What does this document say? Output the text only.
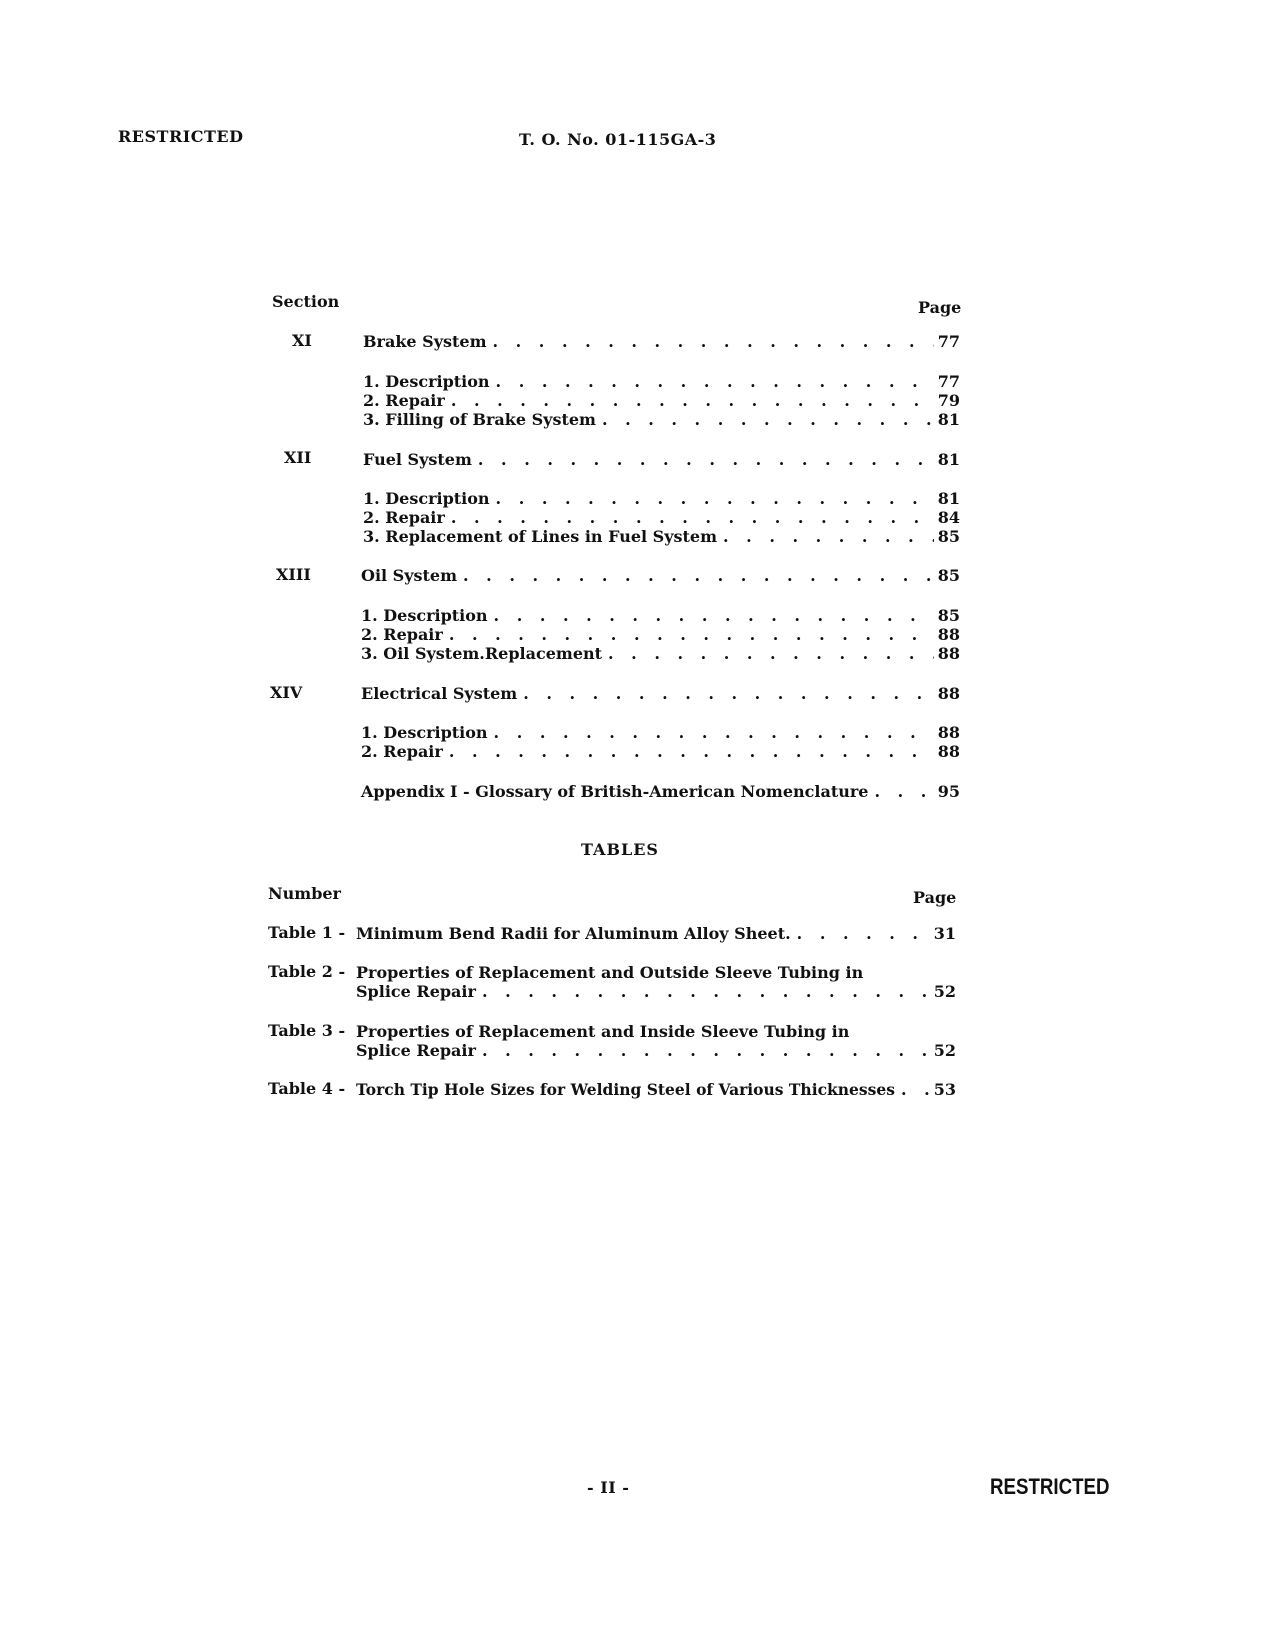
RESTRICTED	T. O. No. 01-115GA-3
Section	Page
XI	Brake System . . .	77
1. Description . . .	77
2. Repair . . .	79
3. Filling of Brake System . . .	81
XII	Fuel System . . .	81
1. Description . . .	81
2. Repair . . .	84
3. Replacement of Lines in Fuel System . . .	85
XIII	Oil System . . .	85
1. Description . . .	85
2. Repair . . .	88
3. Oil System.Replacement . . .	88
XIV	Electrical System . . .	88
1. Description . . .	88
2. Repair . . .	88
Appendix I - Glossary of British-American Nomenclature . . .	95
TABLES
Number	Page
Table 1 - Minimum Bend Radii for Aluminum Alloy Sheet. . . .	31
Table 2 - Properties of Replacement and Outside Sleeve Tubing in
Splice Repair . . .	52
Table 3 - Properties of Replacement and Inside Sleeve Tubing in
Splice Repair . . .	52
Table 4 - Torch Tip Hole Sizes for Welding Steel of Various Thicknesses . . .	53
- II -	RESTRICTED
